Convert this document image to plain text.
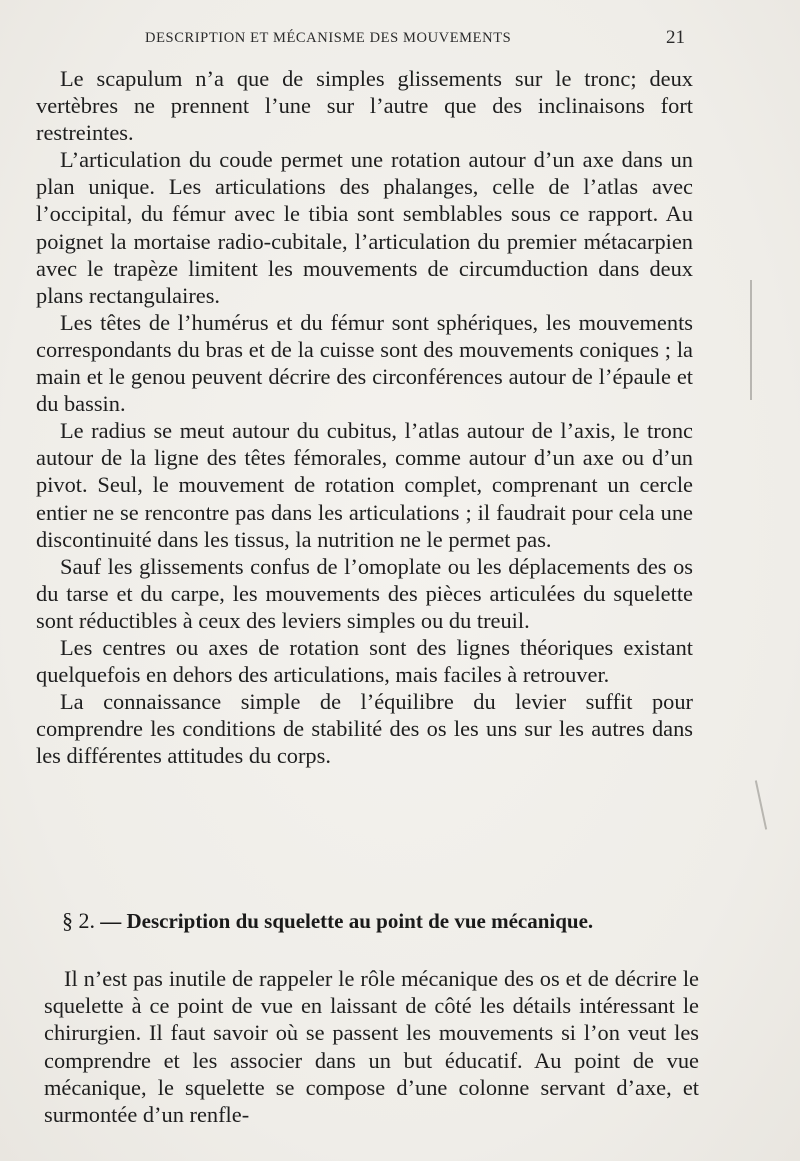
DESCRIPTION ET MÉCANISME DES MOUVEMENTS	21

Le scapulum n’a que de simples glissements sur le tronc; deux vertèbres ne prennent l’une sur l’autre que des inclinaisons fort restreintes.

L’articulation du coude permet une rotation autour d’un axe dans un plan unique. Les articulations des phalanges, celle de l’atlas avec l’occipital, du fémur avec le tibia sont semblables sous ce rapport. Au poignet la mortaise radio-cubitale, l’articulation du premier métacarpien avec le trapèze limitent les mouvements de circumduction dans deux plans rectangulaires.

Les têtes de l’humérus et du fémur sont sphériques, les mouvements correspondants du bras et de la cuisse sont des mouvements coniques ; la main et le genou peuvent décrire des circonférences autour de l’épaule et du bassin.

Le radius se meut autour du cubitus, l’atlas autour de l’axis, le tronc autour de la ligne des têtes fémorales, comme autour d’un axe ou d’un pivot. Seul, le mouvement de rotation complet, comprenant un cercle entier ne se rencontre pas dans les articulations ; il faudrait pour cela une discontinuité dans les tissus, la nutrition ne le permet pas.

Sauf les glissements confus de l’omoplate ou les déplacements des os du tarse et du carpe, les mouvements des pièces articulées du squelette sont réductibles à ceux des leviers simples ou du treuil.

Les centres ou axes de rotation sont des lignes théoriques existant quelquefois en dehors des articulations, mais faciles à retrouver.

La connaissance simple de l’équilibre du levier suffit pour comprendre les conditions de stabilité des os les uns sur les autres dans les différentes attitudes du corps.

§ 2. — Description du squelette au point de vue mécanique.

Il n’est pas inutile de rappeler le rôle mécanique des os et de décrire le squelette à ce point de vue en laissant de côté les détails intéressant le chirurgien. Il faut savoir où se passent les mouvements si l’on veut les comprendre et les associer dans un but éducatif. Au point de vue mécanique, le squelette se compose d’une colonne servant d’axe, et surmontée d’un renfle-
